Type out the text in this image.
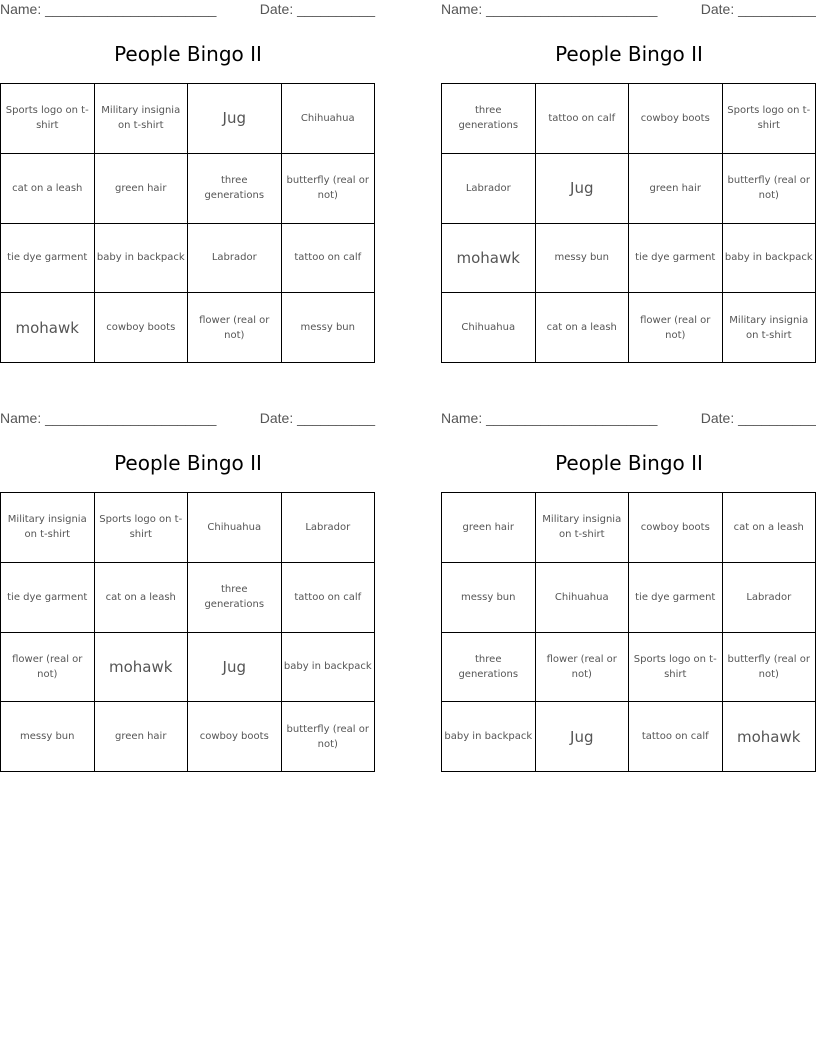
Name: ______________________	Date: __________
People Bingo II
Sports logo on t-shirt	Military insignia on t-shirt	Jug	Chihuahua
cat on a leash	green hair	three generations	butterfly (real or not)
tie dye garment	baby in backpack	Labrador	tattoo on calf
mohawk	cowboy boots	flower (real or not)	messy bun
Name: ______________________	Date: __________
People Bingo II
three generations	tattoo on calf	cowboy boots	Sports logo on t-shirt
Labrador	Jug	green hair	butterfly (real or not)
mohawk	messy bun	tie dye garment	baby in backpack
Chihuahua	cat on a leash	flower (real or not)	Military insignia on t-shirt
Name: ______________________	Date: __________
People Bingo II
Military insignia on t-shirt	Sports logo on t-shirt	Chihuahua	Labrador
tie dye garment	cat on a leash	three generations	tattoo on calf
flower (real or not)	mohawk	Jug	baby in backpack
messy bun	green hair	cowboy boots	butterfly (real or not)
Name: ______________________	Date: __________
People Bingo II
green hair	Military insignia on t-shirt	cowboy boots	cat on a leash
messy bun	Chihuahua	tie dye garment	Labrador
three generations	flower (real or not)	Sports logo on t-shirt	butterfly (real or not)
baby in backpack	Jug	tattoo on calf	mohawk
